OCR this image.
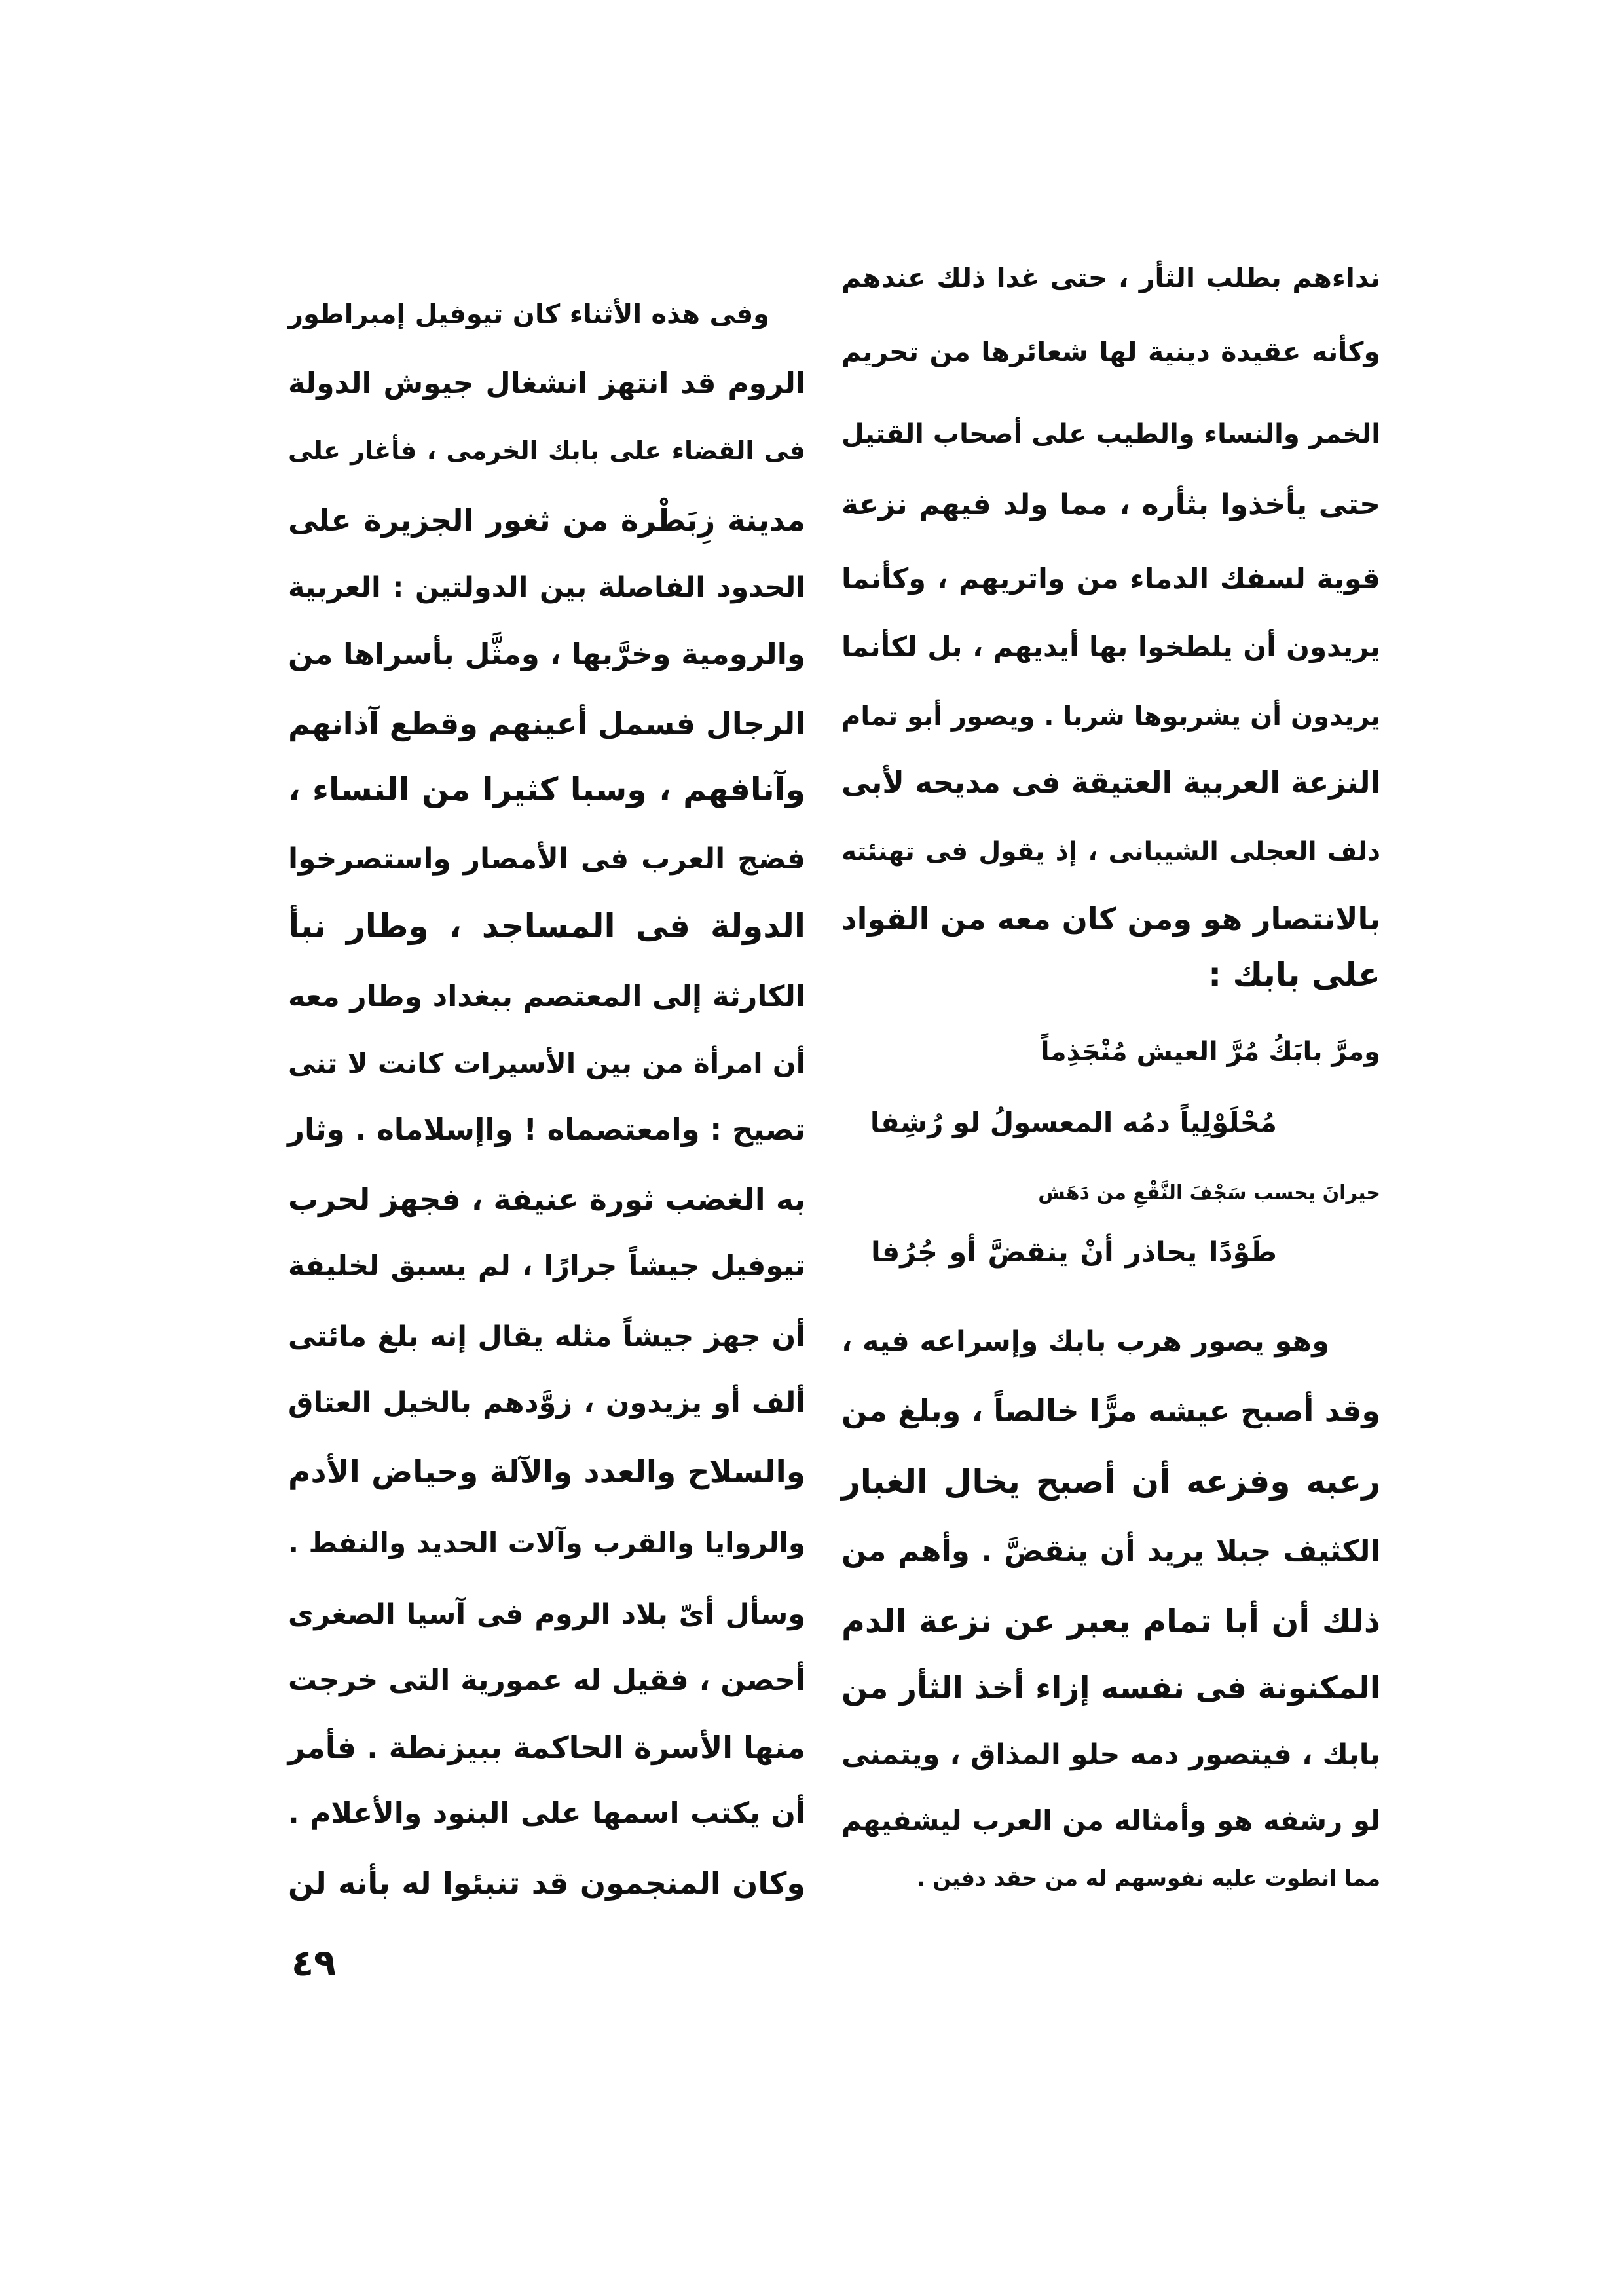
نداءهم بطلب الثأر ، حتى غدا ذلك عندهم
وكأنه عقيدة دينية لها شعائرها من تحريم
الخمر والنساء والطيب على أصحاب القتيل
حتى يأخذوا بثأره ، مما ولد فيهم نزعة
قوية لسفك الدماء من واتريهم ، وكأنما
يريدون أن يلطخوا بها أيديهم ، بل لكأنما
يريدون أن يشربوها شربا . ويصور أبو تمام
النزعة العربية العتيقة فى مديحه لأبى
دلف العجلى الشيبانى ، إذ يقول فى تهنئته
بالانتصار هو ومن كان معه من القواد
على بابك :
ومرَّ بابَكُ مُرَّ العيش مُنْجَذِماً
مُحْلَوْلِياً دمُه المعسولُ لو رُشِفا
حيرانَ يحسب سَجْفَ النَّقْعِ من دَهَش
طَوْدًا يحاذر أنْ ينقضَّ أو جُرُفا
وهو يصور هرب بابك وإسراعه فيه ،
وقد أصبح عيشه مرًّا خالصاً ، وبلغ من
رعبه وفزعه أن أصبح يخال الغبار
الكثيف جبلا يريد أن ينقضَّ . وأهم من
ذلك أن أبا تمام يعبر عن نزعة الدم
المكنونة فى نفسه إزاء أخذ الثأر من
بابك ، فيتصور دمه حلو المذاق ، ويتمنى
لو رشفه هو وأمثاله من العرب ليشفيهم
مما انطوت عليه نفوسهم له من حقد دفين .
وفى هذه الأثناء كان تيوفيل إمبراطور
الروم قد انتهز انشغال جيوش الدولة
فى القضاء على بابك الخرمى ، فأغار على
مدينة زِبَطْرة من ثغور الجزيرة على
الحدود الفاصلة بين الدولتين : العربية
والرومية وخرَّبها ، ومثَّل بأسراها من
الرجال فسمل أعينهم وقطع آذانهم
وآنافهم ، وسبا كثيرا من النساء ،
فضج العرب فى الأمصار واستصرخوا
الدولة فى المساجد ، وطار نبأ
الكارثة إلى المعتصم ببغداد وطار معه
أن امرأة من بين الأسيرات كانت لا تنى
تصيح : وامعتصماه ! واإسلاماه . وثار
به الغضب ثورة عنيفة ، فجهز لحرب
تيوفيل جيشاً جرارًا ، لم يسبق لخليفة
أن جهز جيشاً مثله يقال إنه بلغ مائتى
ألف أو يزيدون ، زوَّدهم بالخيل العتاق
والسلاح والعدد والآلة وحياض الأدم
والروايا والقرب وآلات الحديد والنفط .
وسأل أىّ بلاد الروم فى آسيا الصغرى
أحصن ، فقيل له عمورية التى خرجت
منها الأسرة الحاكمة ببيزنطة . فأمر
أن يكتب اسمها على البنود والأعلام .
وكان المنجمون قد تنبئوا له بأنه لن
٤٩
